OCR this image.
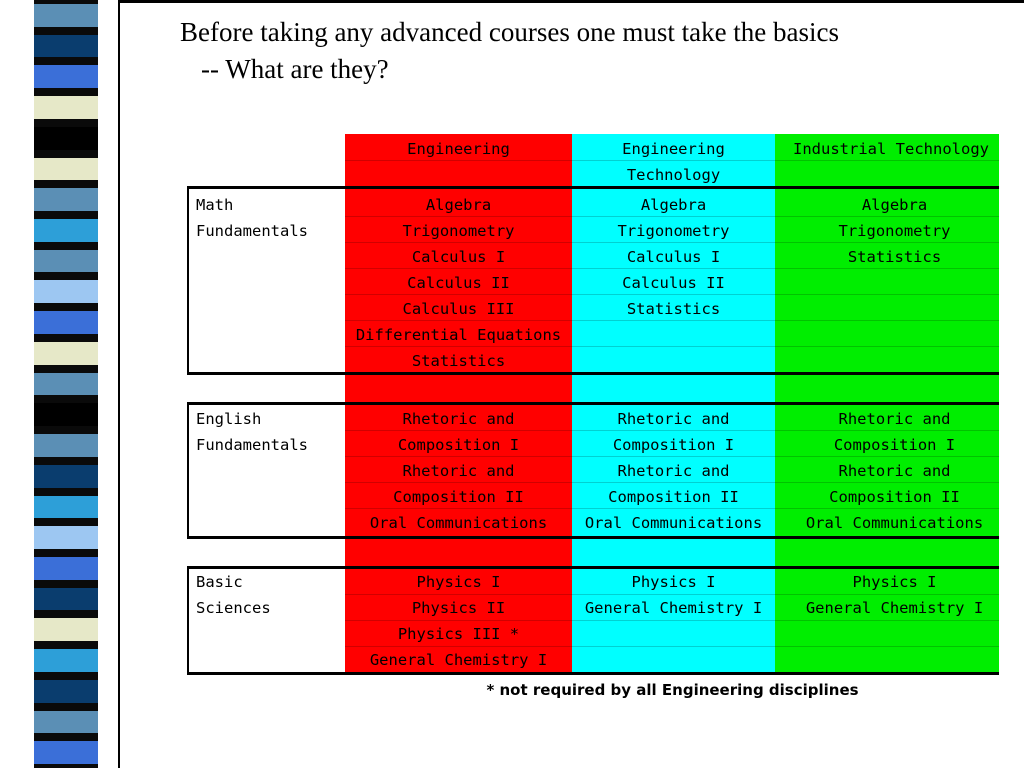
Before taking any advanced courses one must take the basics
-- What are they?
Engineering	Engineering
Technology
Industrial Technology
Math
Fundamentals
Algebra
Trigonometry
Calculus I
Calculus II
Calculus III
Differential Equations
Statistics
Algebra
Trigonometry
Calculus I
Calculus II
Statistics
Algebra
Trigonometry
Statistics
English
Fundamentals
Rhetoric and
Composition I
Rhetoric and
Composition II
Oral Communications
Rhetoric and
Composition I
Rhetoric and
Composition II
Oral Communications
Rhetoric and
Composition I
Rhetoric and
Composition II
Oral Communications
Basic
Sciences
Physics I
Physics II
Physics III *
General Chemistry I
Physics I
General Chemistry I
Physics I
General Chemistry I
* not required by all Engineering disciplines
